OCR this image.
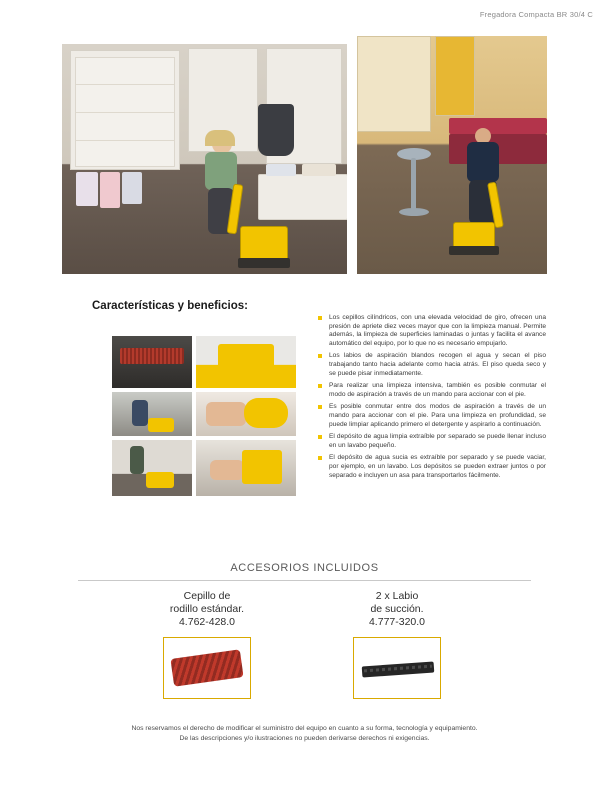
Fregadora Compacta BR 30/4 C
Características y beneficios:
Los cepillos cilíndricos, con una elevada velocidad de giro, ofrecen una presión de apriete diez veces mayor que con la limpieza manual. Permite además, la limpieza de superficies laminadas o juntas y facilita el avance automático del equipo, por lo que no es necesario empujarlo.
Los labios de aspiración blandos recogen el agua y secan el piso trabajando tanto hacia adelante como hacia atrás. El piso queda seco y se puede pisar inmediatamente.
Para realizar una limpieza intensiva, también es posible conmutar el modo de aspiración a través de un mando para accionar con el pie.
Es posible conmutar entre dos modos de aspiración a través de un mando para accionar con el pie. Para una limpieza en profundidad, se puede limpiar aplicando primero el detergente y aspirarlo a continuación.
El depósito de agua limpia extraíble por separado se puede llenar incluso en un lavabo pequeño.
El depósito de agua sucia es extraíble por separado y se puede vaciar, por ejemplo, en un lavabo. Los depósitos se pueden extraer juntos o por separado e incluyen un asa para transportarlos fácilmente.
ACCESORIOS INCLUIDOS
Cepillo de
rodillo estándar.
4.762-428.0
2 x Labio
de succión.
4.777-320.0
Nos reservamos el derecho de modificar el suministro del equipo en cuanto a su forma, tecnología y equipamiento.
De las descripciones y/o ilustraciones no pueden derivarse derechos ni exigencias.
